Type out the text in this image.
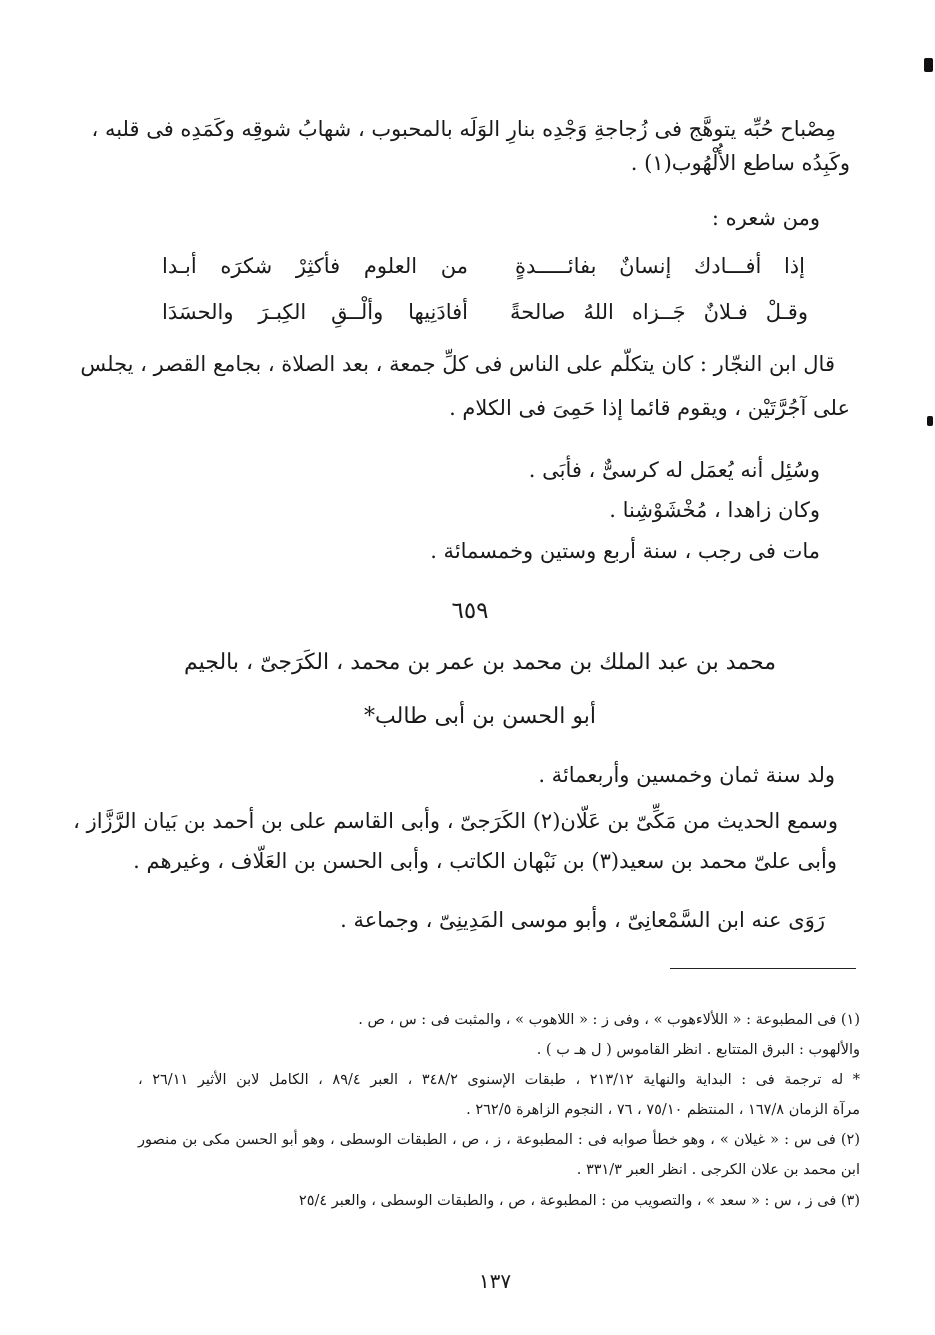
مِصْباح حُبِّه يتوهَّج فى زُجاجةِ وَجْدِه بنارِ الوَلَه بالمحبوب ، شهابُ شوقِه وكَمَدِه فى قلبه ،
وكَبِدُه ساطع الأُلْهُوب(١) .
ومن شعره :
إذا أفـــادك إنسانٌ بفائـــــدةٍ
من العلوم فأكثِرْ شكرَه أبـدا
وقـلْ فـلانٌ جَــزاه اللهُ صالحةً
أفادَنِيها وألْــقِ الكِبـرَ والحسَدَا
قال ابن النجّار : كان يتكلّم على الناس فى كلِّ جمعة ، بعد الصلاة ، بجامع القصر ، يجلس
على آجُرَّتَيْن ، ويقوم قائما إذا حَمِىَ فى الكلام .
وسُئِل أنه يُعمَل له كرسىٌّ ، فأبَى .
وكان زاهدا ، مُخْشَوْشِنا .
مات فى رجب ، سنة أربع وستين وخمسمائة .
٦٥٩
محمد بن عبد الملك بن محمد بن عمر بن محمد ، الكَرَجىّ ، بالجيم
أبو الحسن بن أبى طالب*
ولد سنة ثمان وخمسين وأربعمائة .
وسمع الحديث من مَكِّىّ بن عَلّان(٢) الكَرَجىّ ، وأبى القاسم على بن أحمد بن بَيان الرَّزَّاز ،
وأبى علىّ محمد بن سعيد(٣) بن نَبْهان الكاتب ، وأبى الحسن بن العَلّاف ، وغيرهم .
رَوَى عنه ابن السَّمْعانِىّ ، وأبو موسى المَدِينِىّ ، وجماعة .
(١) فى المطبوعة : « اللألاءهوب » ، وفى ز : « اللاهوب » ، والمثبت فى : س ، ص .
والألهوب : البرق المتتابع . انظر القاموس ( ل هـ ب ) .
* له ترجمة فى : البداية والنهاية ٢١٣/١٢ ، طبقات الإسنوى ٣٤٨/٢ ، العبر ٨٩/٤ ، الكامل لابن الأثير ٢٦/١١ ،
مرآة الزمان ١٦٧/٨ ، المنتظم ٧٥/١٠ ، ٧٦ ، النجوم الزاهرة ٢٦٢/٥ .
(٢) فى س : « غيلان » ، وهو خطأ صوابه فى : المطبوعة ، ز ، ص ، الطبقات الوسطى ، وهو أبو الحسن مكى بن منصور
ابن محمد بن علان الكرجى . انظر العبر ٣٣١/٣ .
(٣) فى ز ، س : « سعد » ، والتصويب من : المطبوعة ، ص ، والطبقات الوسطى ، والعبر ٢٥/٤
١٣٧
